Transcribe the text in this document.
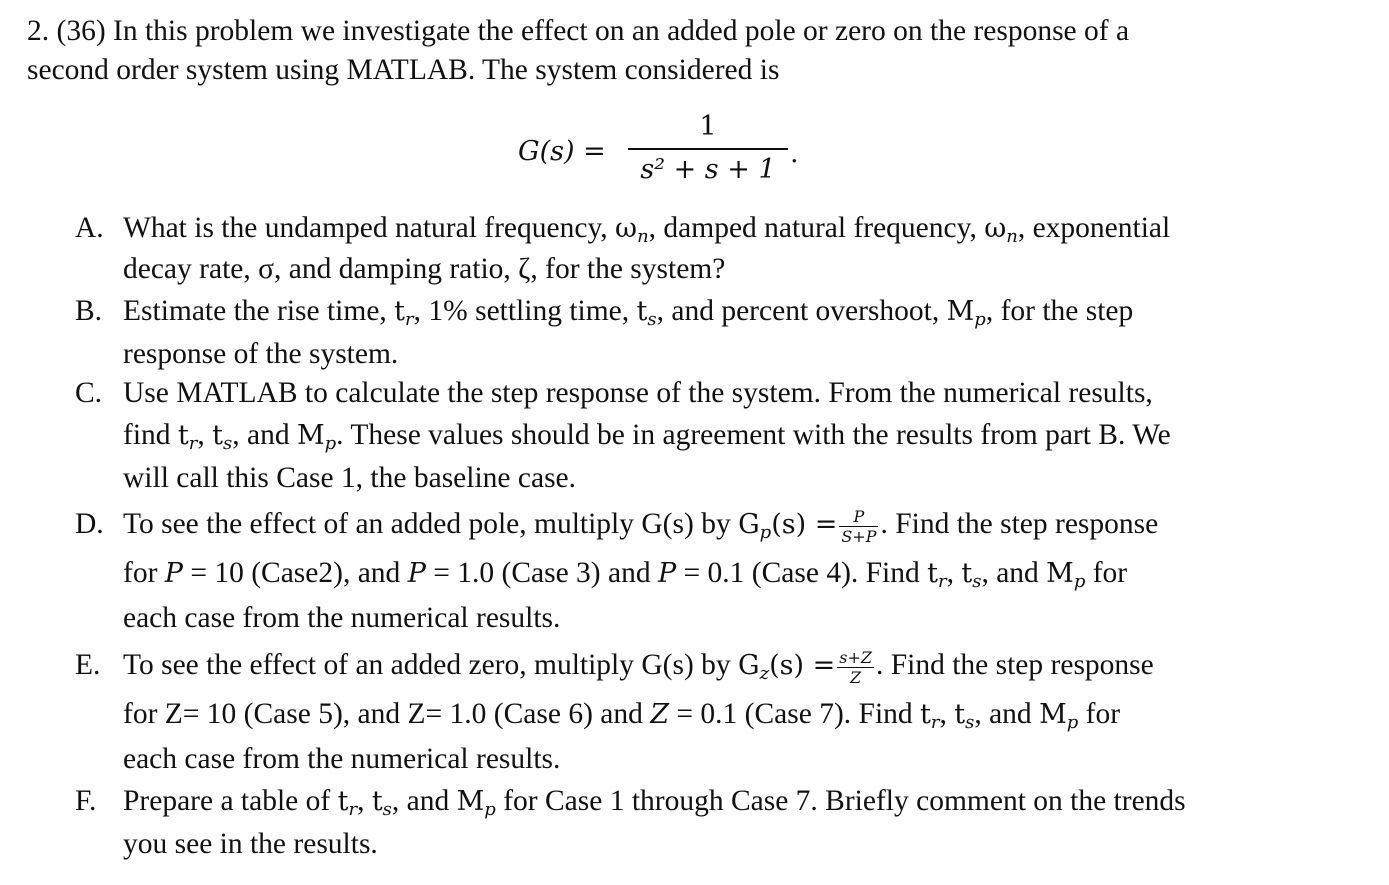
2. (36) In this problem we investigate the effect on an added pole or zero on the response of a
second order system using MATLAB. The system considered is
G(s) =
1
s² + s + 1
.
A. What is the undamped natural frequency, $\omega_n$, damped natural frequency, $\omega_n$, exponential
decay rate, σ, and damping ratio, ζ, for the system?
B. Estimate the rise time, $t_r$, 1% settling time, $t_s$, and percent overshoot, $M_p$, for the step
response of the system.
C. Use MATLAB to calculate the step response of the system. From the numerical results,
find $t_r$, $t_s$, and $M_p$. These values should be in agreement with the results from part B. We
will call this Case 1, the baseline case.
D. To see the effect of an added pole, multiply G(s) by $G_p(s) = \frac{P}{S+P}$ . Find the step response
for P = 10 (Case2), and P = 1.0 (Case 3) and P = 0.1 (Case 4). Find $t_r$, $t_s$, and $M_p$ for
each case from the numerical results.
E. To see the effect of an added zero, multiply G(s) by $G_z(s) = \frac{s+Z}{Z}$ . Find the step response
for Z= 10 (Case 5), and Z= 1.0 (Case 6) and Z = 0.1 (Case 7). Find $t_r$, $t_s$, and $M_p$ for
each case from the numerical results.
F. Prepare a table of $t_r$, $t_s$, and $M_p$ for Case 1 through Case 7. Briefly comment on the trends
you see in the results.
